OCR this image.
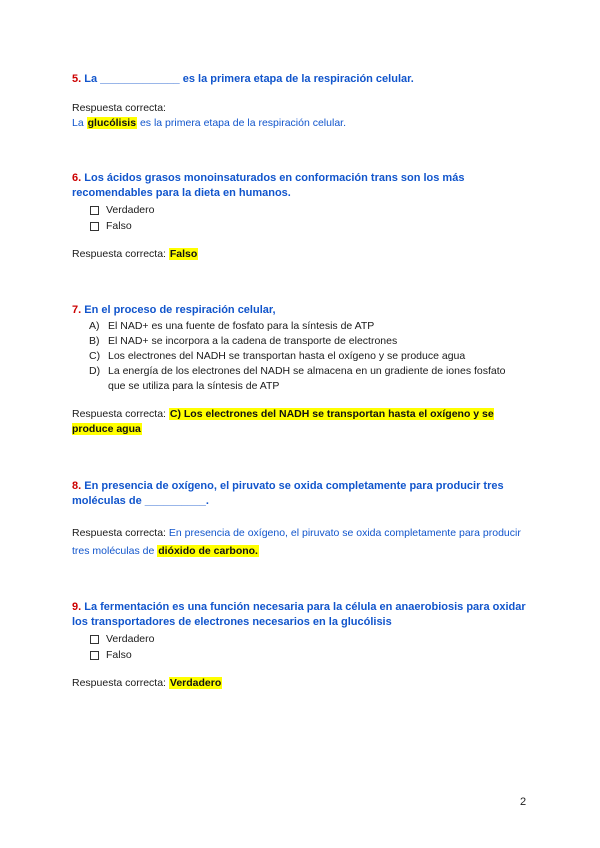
5. La _____________ es la primera etapa de la respiración celular.
Respuesta correcta:
La glucólisis es la primera etapa de la respiración celular.
6. Los ácidos grasos monoinsaturados en conformación trans son los más recomendables para la dieta en humanos.
Verdadero
Falso
Respuesta correcta: Falso
7. En el proceso de respiración celular,
A) El NAD+ es una fuente de fosfato para la síntesis de ATP
B) El NAD+ se incorpora a la cadena de transporte de electrones
C) Los electrones del NADH se transportan hasta el oxígeno y se produce agua
D) La energía de los electrones del NADH se almacena en un gradiente de iones fosfato que se utiliza para la síntesis de ATP
Respuesta correcta: C) Los electrones del NADH se transportan hasta el oxígeno y se produce agua
8. En presencia de oxígeno, el piruvato se oxida completamente para producir tres moléculas de __________.
Respuesta correcta: En presencia de oxígeno, el piruvato se oxida completamente para producir tres moléculas de dióxido de carbono.
9. La fermentación es una función necesaria para la célula en anaerobiosis para oxidar los transportadores de electrones necesarios en la glucólisis
Verdadero
Falso
Respuesta correcta: Verdadero
2
